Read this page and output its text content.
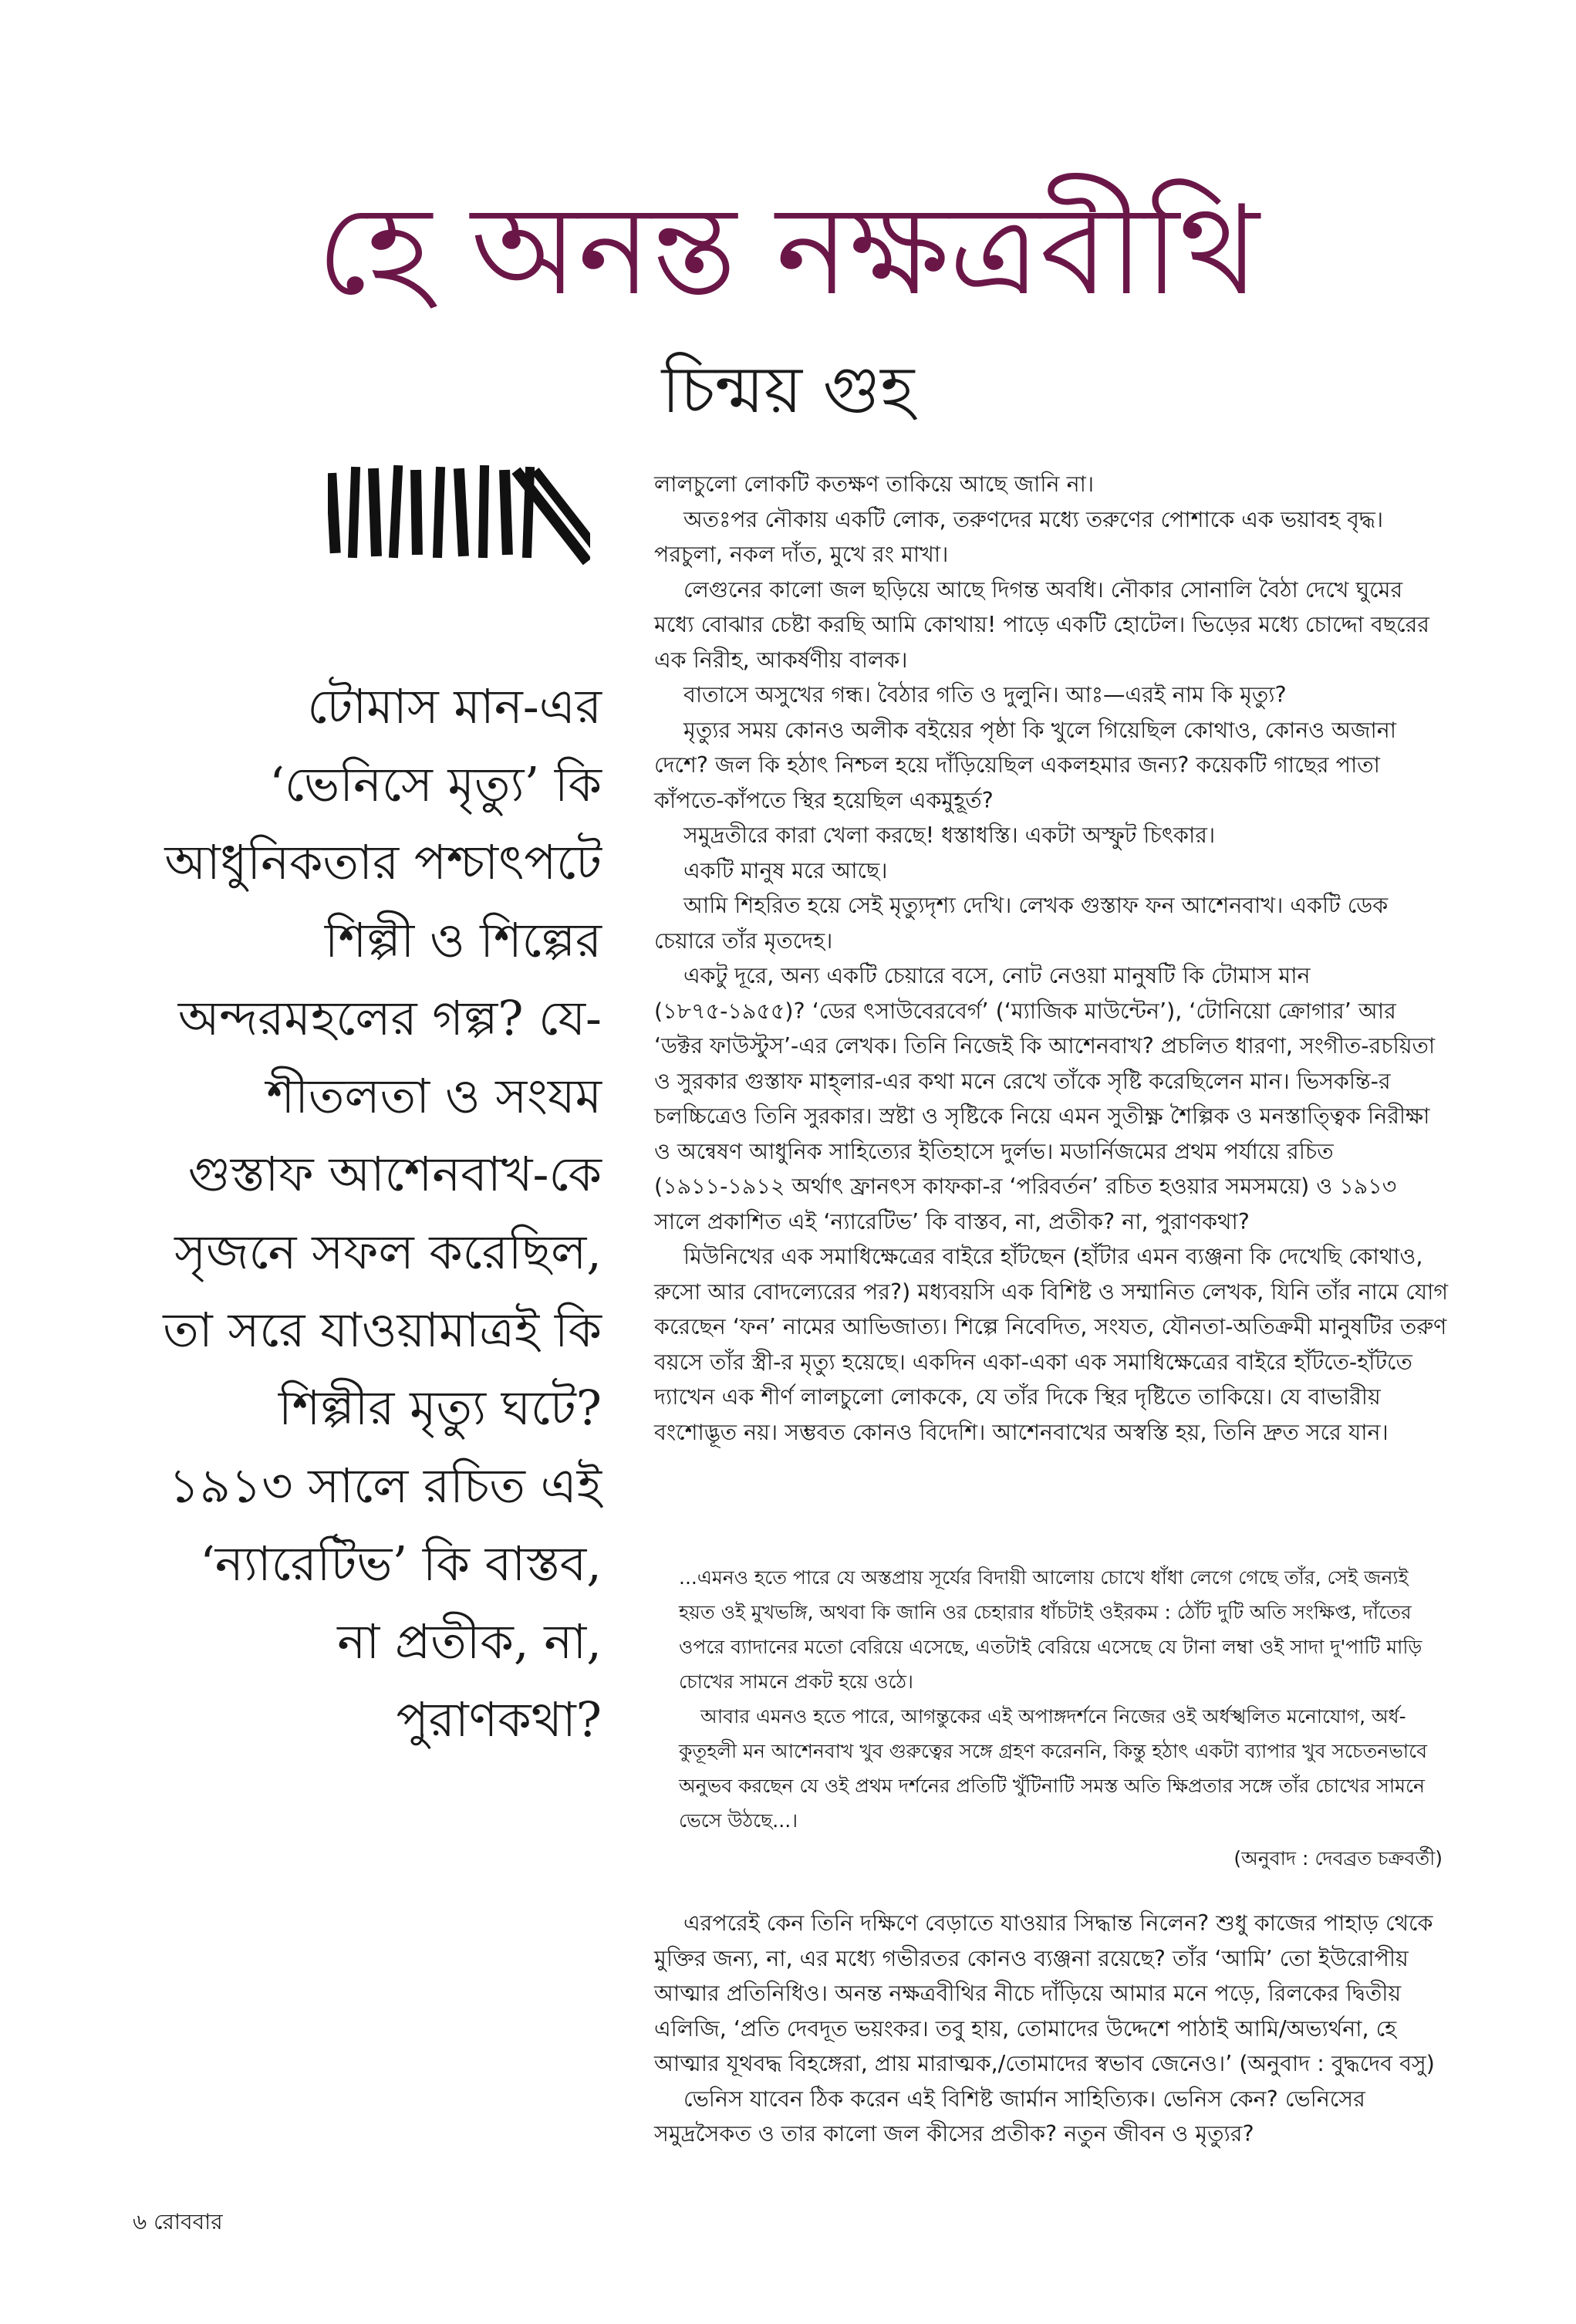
হে অনন্ত নক্ষত্রবীথি
চিন্ময় গুহ

টোমাস মান-এর ‘ভেনিসে মৃত্যু’ কি আধুনিকতার পশ্চাৎপটে শিল্পী ও শিল্পের অন্দরমহলের গল্প? যে-শীতলতা ও সংযম গুস্তাফ আশেনবাখ-কে সৃজনে সফল করেছিল, তা সরে যাওয়ামাত্রই কি শিল্পীর মৃত্যু ঘটে? ১৯১৩ সালে রচিত এই ‘ন্যারেটিভ’ কি বাস্তব, না প্রতীক, না, পুরাণকথা?

লালচুলো লোকটি কতক্ষণ তাকিয়ে আছে জানি না।

অতঃপর নৌকায় একটি লোক, তরুণদের মধ্যে তরুণের পোশাকে এক ভয়াবহ বৃদ্ধ। পরচুলা, নকল দাঁত, মুখে রং মাখা।

লেগুনের কালো জল ছড়িয়ে আছে দিগন্ত অবধি। নৌকার সোনালি বৈঠা দেখে ঘুমের মধ্যে বোঝার চেষ্টা করছি আমি কোথায়! পাড়ে একটি হোটেল। ভিড়ের মধ্যে চোদ্দো বছরের এক নিরীহ, আকর্ষণীয় বালক।

বাতাসে অসুখের গন্ধ। বৈঠার গতি ও দুলুনি। আঃ—এরই নাম কি মৃত্যু?

মৃত্যুর সময় কোনও অলীক বইয়ের পৃষ্ঠা কি খুলে গিয়েছিল কোথাও, কোনও অজানা দেশে? জল কি হঠাৎ নিশ্চল হয়ে দাঁড়িয়েছিল একলহমার জন্য? কয়েকটি গাছের পাতা কাঁপতে-কাঁপতে স্থির হয়েছিল একমুহূর্ত?

সমুদ্রতীরে কারা খেলা করছে! ধস্তাধস্তি। একটা অস্ফুট চিৎকার।

একটি মানুষ মরে আছে।

আমি শিহরিত হয়ে সেই মৃত্যুদৃশ্য দেখি। লেখক গুস্তাফ ফন আশেনবাখ। একটি ডেক চেয়ারে তাঁর মৃতদেহ।

একটু দূরে, অন্য একটি চেয়ারে বসে, নোট নেওয়া মানুষটি কি টোমাস মান (১৮৭৫-১৯৫৫)? ‘ডের ৎসাউবেরবের্গ’ (‘ম্যাজিক মাউন্টেন’), ‘টোনিয়ো ক্রোগার’ আর ‘ডক্টর ফাউস্টুস’-এর লেখক। তিনি নিজেই কি আশেনবাখ? প্রচলিত ধারণা, সংগীত-রচয়িতা ও সুরকার গুস্তাফ মাহ্‌লার-এর কথা মনে রেখে তাঁকে সৃষ্টি করেছিলেন মান। ভিসকন্তি-র চলচ্চিত্রেও তিনি সুরকার। স্রষ্টা ও সৃষ্টিকে নিয়ে এমন সুতীক্ষ্ণ শৈল্পিক ও মনস্তাত্ত্বিক নিরীক্ষা ও অন্বেষণ আধুনিক সাহিত্যের ইতিহাসে দুর্লভ। মডার্নিজমের প্রথম পর্যায়ে রচিত (১৯১১-১৯১২ অর্থাৎ ফ্রানৎস কাফকা-র ‘পরিবর্তন’ রচিত হওয়ার সমসময়ে) ও ১৯১৩ সালে প্রকাশিত এই ‘ন্যারেটিভ’ কি বাস্তব, না, প্রতীক? না, পুরাণকথা?

মিউনিখের এক সমাধিক্ষেত্রের বাইরে হাঁটছেন (হাঁটার এমন ব্যঞ্জনা কি দেখেছি কোথাও, রুসো আর বোদল্যেরের পর?) মধ্যবয়সি এক বিশিষ্ট ও সম্মানিত লেখক, যিনি তাঁর নামে যোগ করেছেন ‘ফন’ নামের আভিজাত্য। শিল্পে নিবেদিত, সংযত, যৌনতা-অতিক্রমী মানুষটির তরুণ বয়সে তাঁর স্ত্রী-র মৃত্যু হয়েছে। একদিন একা-একা এক সমাধিক্ষেত্রের বাইরে হাঁটতে-হাঁটতে দ্যাখেন এক শীর্ণ লালচুলো লোককে, যে তাঁর দিকে স্থির দৃষ্টিতে তাকিয়ে। যে বাভারীয় বংশোদ্ভূত নয়। সম্ভবত কোনও বিদেশি। আশেনবাখের অস্বস্তি হয়, তিনি দ্রুত সরে যান।

...এমনও হতে পারে যে অস্তপ্রায় সূর্যের বিদায়ী আলোয় চোখে ধাঁধা লেগে গেছে তাঁর, সেই জন্যই হয়ত ওই মুখভঙ্গি, অথবা কি জানি ওর চেহারার ধাঁচটাই ওইরকম : ঠোঁট দুটি অতি সংক্ষিপ্ত, দাঁতের ওপরে ব্যাদানের মতো বেরিয়ে এসেছে, এতটাই বেরিয়ে এসেছে যে টানা লম্বা ওই সাদা দু'পাটি মাড়ি চোখের সামনে প্রকট হয়ে ওঠে।

আবার এমনও হতে পারে, আগন্তুকের এই অপাঙ্গদর্শনে নিজের ওই অর্ধস্খলিত মনোযোগ, অর্ধ-কুতূহলী মন আশেনবাখ খুব গুরুত্বের সঙ্গে গ্রহণ করেননি, কিন্তু হঠাৎ একটা ব্যাপার খুব সচেতনভাবে অনুভব করছেন যে ওই প্রথম দর্শনের প্রতিটি খুঁটিনাটি সমস্ত অতি ক্ষিপ্রতার সঙ্গে তাঁর চোখের সামনে ভেসে উঠছে...।

(অনুবাদ : দেবব্রত চক্রবর্তী)

এরপরেই কেন তিনি দক্ষিণে বেড়াতে যাওয়ার সিদ্ধান্ত নিলেন? শুধু কাজের পাহাড় থেকে মুক্তির জন্য, না, এর মধ্যে গভীরতর কোনও ব্যঞ্জনা রয়েছে? তাঁর ‘আমি’ তো ইউরোপীয় আত্মার প্রতিনিধিও। অনন্ত নক্ষত্রবীথির নীচে দাঁড়িয়ে আমার মনে পড়ে, রিলকের দ্বিতীয় এলিজি, ‘প্রতি দেবদূত ভয়ংকর। তবু হায়, তোমাদের উদ্দেশে পাঠাই আমি/অভ্যর্থনা, হে আত্মার যূথবদ্ধ বিহঙ্গেরা, প্রায় মারাত্মক,/তোমাদের স্বভাব জেনেও।’ (অনুবাদ : বুদ্ধদেব বসু)

ভেনিস যাবেন ঠিক করেন এই বিশিষ্ট জার্মান সাহিত্যিক। ভেনিস কেন? ভেনিসের সমুদ্রসৈকত ও তার কালো জল কীসের প্রতীক? নতুন জীবন ও মৃত্যুর?

৬ রোববার
